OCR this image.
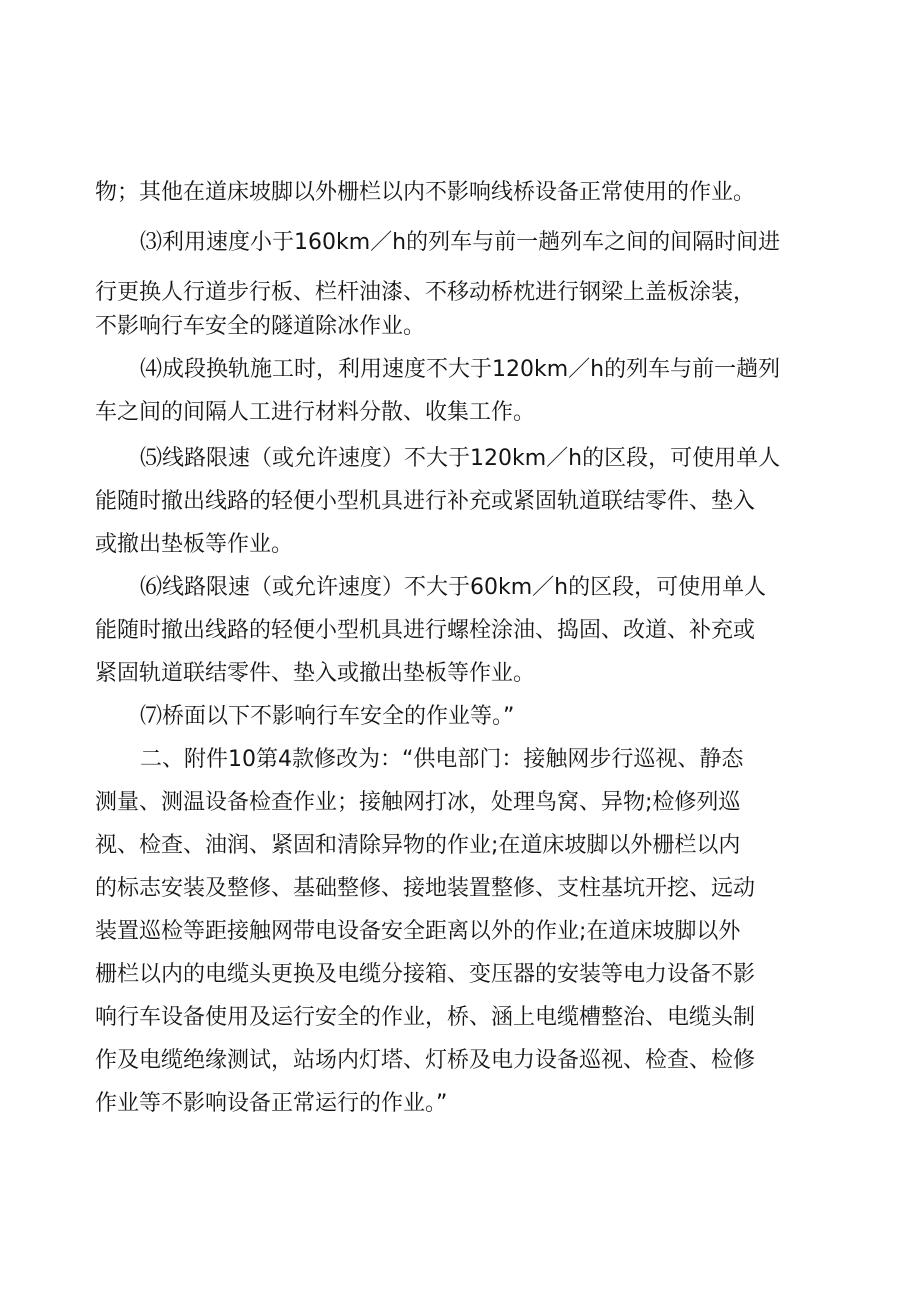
物；其他在道床坡脚以外栅栏以内不影响线桥设备正常使用的作业。
⑶利用速度小于160km／h的列车与前一趟列车之间的间隔时间进
行更换人行道步行板、栏杆油漆、不移动桥枕进行钢梁上盖板涂装，
不影响行车安全的隧道除冰作业。
⑷成段换轨施工时，利用速度不大于120km／h的列车与前一趟列
车之间的间隔人工进行材料分散、收集工作。
⑸线路限速（或允许速度）不大于120km／h的区段，可使用单人
能随时撤出线路的轻便小型机具进行补充或紧固轨道联结零件、垫入
或撤出垫板等作业。
⑹线路限速（或允许速度）不大于60km／h的区段，可使用单人
能随时撤出线路的轻便小型机具进行螺栓涂油、捣固、改道、补充或
紧固轨道联结零件、垫入或撤出垫板等作业。
⑺桥面以下不影响行车安全的作业等。”
二、附件10第4款修改为：“供电部门：接触网步行巡视、静态
测量、测温设备检查作业；接触网打冰，处理鸟窝、异物;检修列巡
视、检查、油润、紧固和清除异物的作业;在道床坡脚以外栅栏以内
的标志安装及整修、基础整修、接地装置整修、支柱基坑开挖、远动
装置巡检等距接触网带电设备安全距离以外的作业;在道床坡脚以外
栅栏以内的电缆头更换及电缆分接箱、变压器的安装等电力设备不影
响行车设备使用及运行安全的作业，桥、涵上电缆槽整治、电缆头制
作及电缆绝缘测试，站场内灯塔、灯桥及电力设备巡视、检查、检修
作业等不影响设备正常运行的作业。”
